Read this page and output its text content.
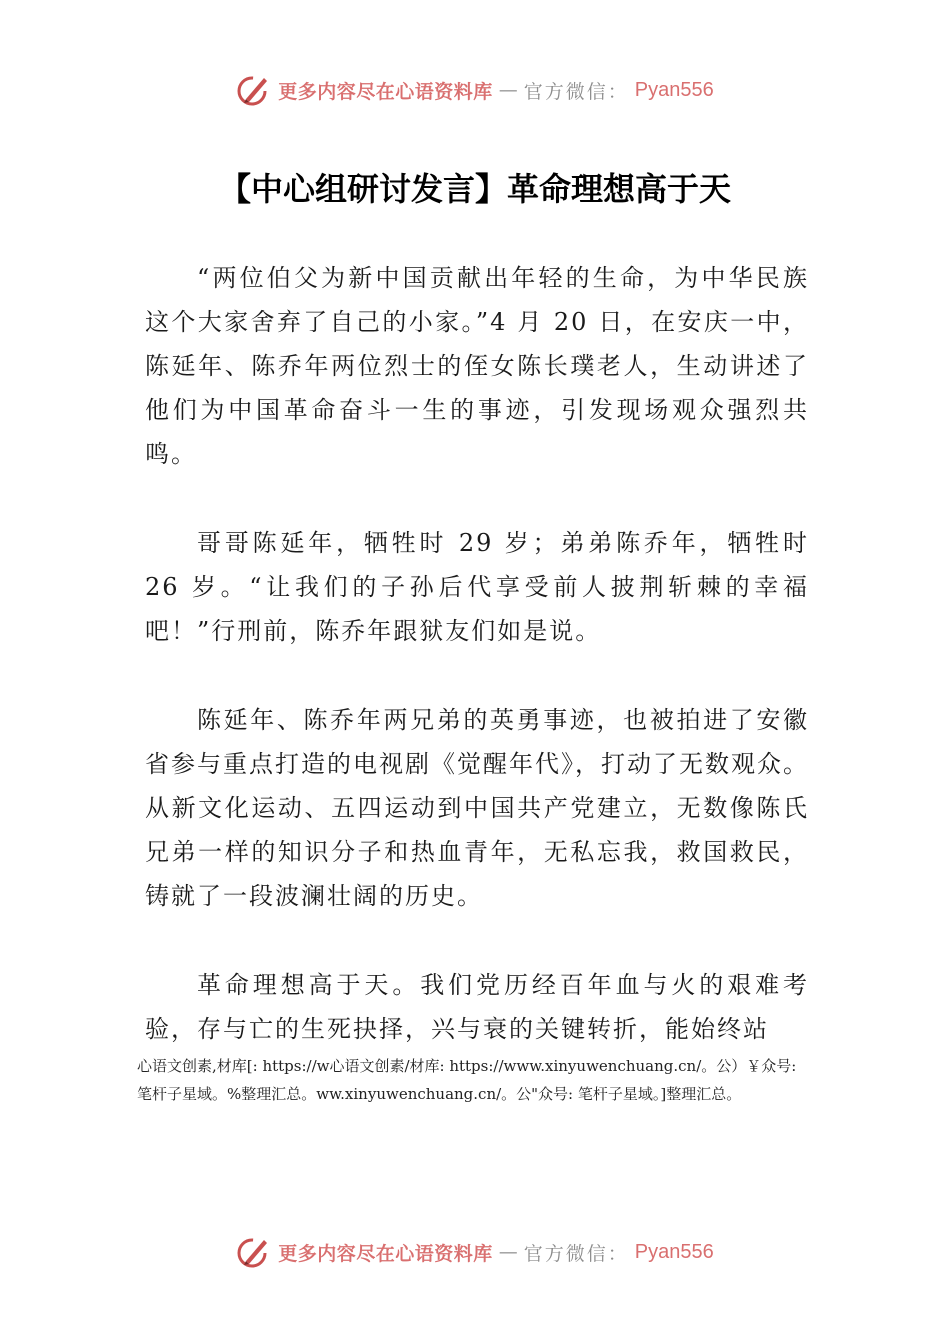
更多内容尽在心语资料库 — 官方微信： Pyan556
【中心组研讨发言】革命理想高于天

“两位伯父为新中国贡献出年轻的生命，为中华民族这个大家舍弃了自己的小家。”4 月 20 日，在安庆一中，陈延年、陈乔年两位烈士的侄女陈长璞老人，生动讲述了他们为中国革命奋斗一生的事迹，引发现场观众强烈共鸣。

哥哥陈延年，牺牲时 29 岁；弟弟陈乔年，牺牲时 26 岁。“让我们的子孙后代享受前人披荆斩棘的幸福吧！”行刑前，陈乔年跟狱友们如是说。

陈延年、陈乔年两兄弟的英勇事迹，也被拍进了安徽省参与重点打造的电视剧《觉醒年代》，打动了无数观众。从新文化运动、五四运动到中国共产党建立，无数像陈氏兄弟一样的知识分子和热血青年，无私忘我，救国救民，铸就了一段波澜壮阔的历史。

革命理想高于天。我们党历经百年血与火的艰难考验，存与亡的生死抉择，兴与衰的关键转折，能始终站

心语文创素,材库[: https://w心语文创素/材库: https://www.xinyuwenchuang.cn/。公）￥众号: 笔杆子星域。%整理汇总。ww.xinyuwenchuang.cn/。公"众号: 笔杆子星域。]整理汇总。

更多内容尽在心语资料库 — 官方微信： Pyan556
